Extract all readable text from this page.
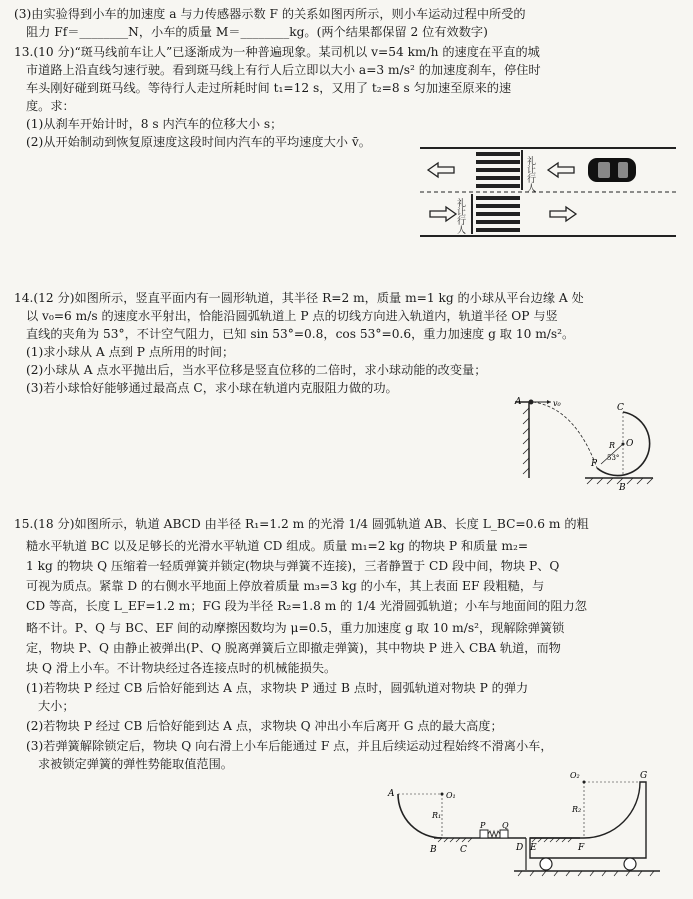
(3)由实验得到小车的加速度 a 与力传感器示数 F 的关系如图丙所示，则小车运动过程中所受的
阻力 Ff＝________N，小车的质量 M＝________kg。(两个结果都保留 2 位有效数字)
13.(10 分)“斑马线前车让人”已逐渐成为一种普遍现象。某司机以 v=54 km/h 的速度在平直的城
市道路上沿直线匀速行驶。看到斑马线上有行人后立即以大小 a=3 m/s² 的加速度刹车，停住时
车头刚好碰到斑马线。等待行人走过所耗时间 t₁=12 s，又用了 t₂=8 s 匀加速至原来的速
度。求：
(1)从刹车开始计时，8 s 内汽车的位移大小 s；
(2)从开始制动到恢复原速度这段时间内汽车的平均速度大小 v̄。
礼让行人
礼让行人
14.(12 分)如图所示，竖直平面内有一圆形轨道，其半径 R=2 m，质量 m=1 kg 的小球从平台边缘 A 处
以 v₀=6 m/s 的速度水平射出，恰能沿圆弧轨道上 P 点的切线方向进入轨道内，轨道半径 OP 与竖
直线的夹角为 53°，不计空气阻力，已知 sin 53°=0.8，cos 53°=0.6，重力加速度 g 取 10 m/s²。
(1)求小球从 A 点到 P 点所用的时间；
(2)小球从 A 点水平抛出后，当水平位移是竖直位移的二倍时，求小球动能的改变量；
(3)若小球恰好能够通过最高点 C，求小球在轨道内克服阻力做的功。
A	v₀	C
R O
P
53°
B
15.(18 分)如图所示，轨道 ABCD 由半径 R₁=1.2 m 的光滑 1/4 圆弧轨道 AB、长度 L_BC=0.6 m 的粗
糙水平轨道 BC 以及足够长的光滑水平轨道 CD 组成。质量 m₁=2 kg 的物块 P 和质量 m₂=
1 kg 的物块 Q 压缩着一轻质弹簧并锁定(物块与弹簧不连接)，三者静置于 CD 段中间，物块 P、Q
可视为质点。紧靠 D 的右侧水平地面上停放着质量 m₃=3 kg 的小车，其上表面 EF 段粗糙，与
CD 等高，长度 L_EF=1.2 m；FG 段为半径 R₂=1.8 m 的 1/4 光滑圆弧轨道；小车与地面间的阻力忽
略不计。P、Q 与 BC、EF 间的动摩擦因数均为 μ=0.5，重力加速度 g 取 10 m/s²，现解除弹簧锁
定，物块 P、Q 由静止被弹出(P、Q 脱离弹簧后立即撤走弹簧)，其中物块 P 进入 CBA 轨道，而物
块 Q 滑上小车。不计物块经过各连接点时的机械能损失。
(1)若物块 P 经过 CB 后恰好能到达 A 点，求物块 P 通过 B 点时，圆弧轨道对物块 P 的弹力
大小；
(2)若物块 P 经过 CB 后恰好能到达 A 点，求物块 Q 冲出小车后离开 G 点的最大高度；
(3)若弹簧解除锁定后，物块 Q 向右滑上小车后能通过 F 点，并且后续运动过程始终不滑离小车，
求被锁定弹簧的弹性势能取值范围。
A	O₁
R₁
B	C
P Q
D
O₂
R₂
G
E	F
